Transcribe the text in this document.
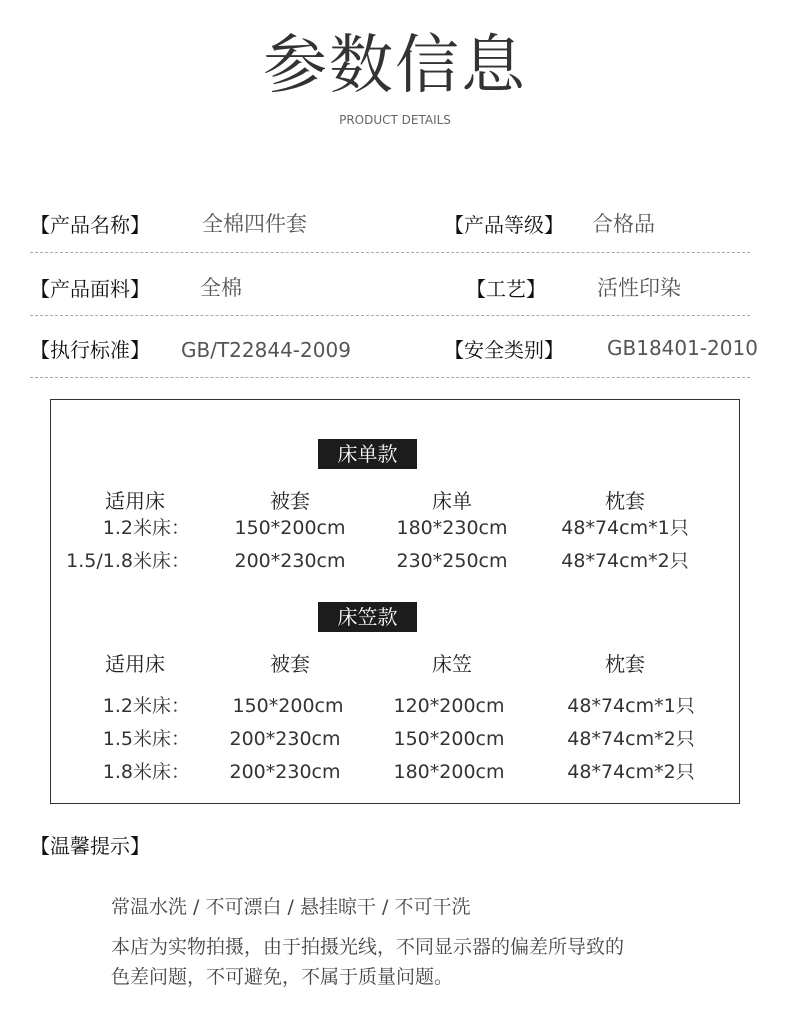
参数信息
PRODUCT DETAILS
【产品名称】 全棉四件套	【产品等级】 合格品
【产品面料】 全棉	【工艺】 活性印染
【执行标准】 GB/T22844-2009	【安全类别】 GB18401-2010
床单款
适用床	被套	床单	枕套
1.2米床： 150*200cm	180*230cm	48*74cm*1只
1.5/1.8米床： 200*230cm	230*250cm	48*74cm*2只
床笠款
适用床	被套	床笠	枕套
1.2米床： 150*200cm	120*200cm	48*74cm*1只
1.5米床： 200*230cm	150*200cm	48*74cm*2只
1.8米床： 200*230cm	180*200cm	48*74cm*2只
【温馨提示】
常温水洗 / 不可漂白 / 悬挂晾干 / 不可干洗
本店为实物拍摄，由于拍摄光线，不同显示器的偏差所导致的
色差问题，不可避免，不属于质量问题。
